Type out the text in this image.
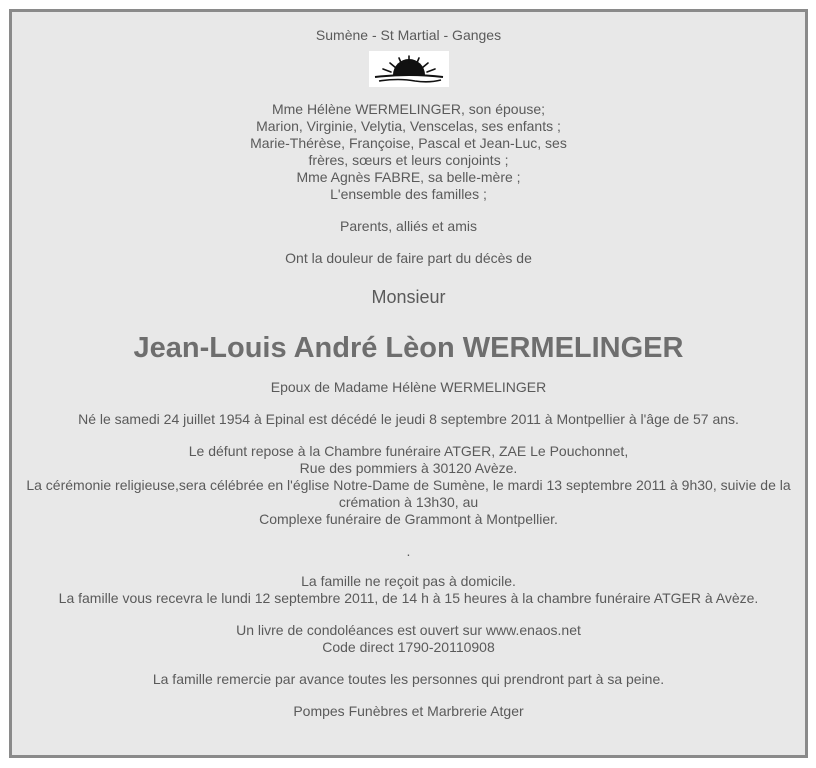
Sumène - St Martial - Ganges
Mme Hélène WERMELINGER, son épouse;
Marion, Virginie, Velytia, Venscelas, ses enfants ;
Marie-Thérèse, Françoise, Pascal et Jean-Luc, ses
frères, sœurs et leurs conjoints ;
Mme Agnès FABRE, sa belle-mère ;
L'ensemble des familles ;
Parents, alliés et amis
Ont la douleur de faire part du décès de
Monsieur
Jean-Louis André Lèon WERMELINGER
Epoux de Madame Hélène WERMELINGER
Né le samedi 24 juillet 1954 à Epinal est décédé le jeudi 8 septembre 2011 à Montpellier à l'âge de 57 ans.
Le défunt repose à la Chambre funéraire ATGER, ZAE Le Pouchonnet,
Rue des pommiers à 30120 Avèze.
La cérémonie religieuse,sera célébrée en l'église Notre-Dame de Sumène, le mardi 13 septembre 2011 à 9h30, suivie de la crémation à 13h30, au
Complexe funéraire de Grammont à Montpellier.
.
La famille ne reçoit pas à domicile.
La famille vous recevra le lundi 12 septembre 2011, de 14 h à 15 heures à la chambre funéraire ATGER à Avèze.
Un livre de condoléances est ouvert sur www.enaos.net
Code direct 1790-20110908
La famille remercie par avance toutes les personnes qui prendront part à sa peine.
Pompes Funèbres et Marbrerie Atger
